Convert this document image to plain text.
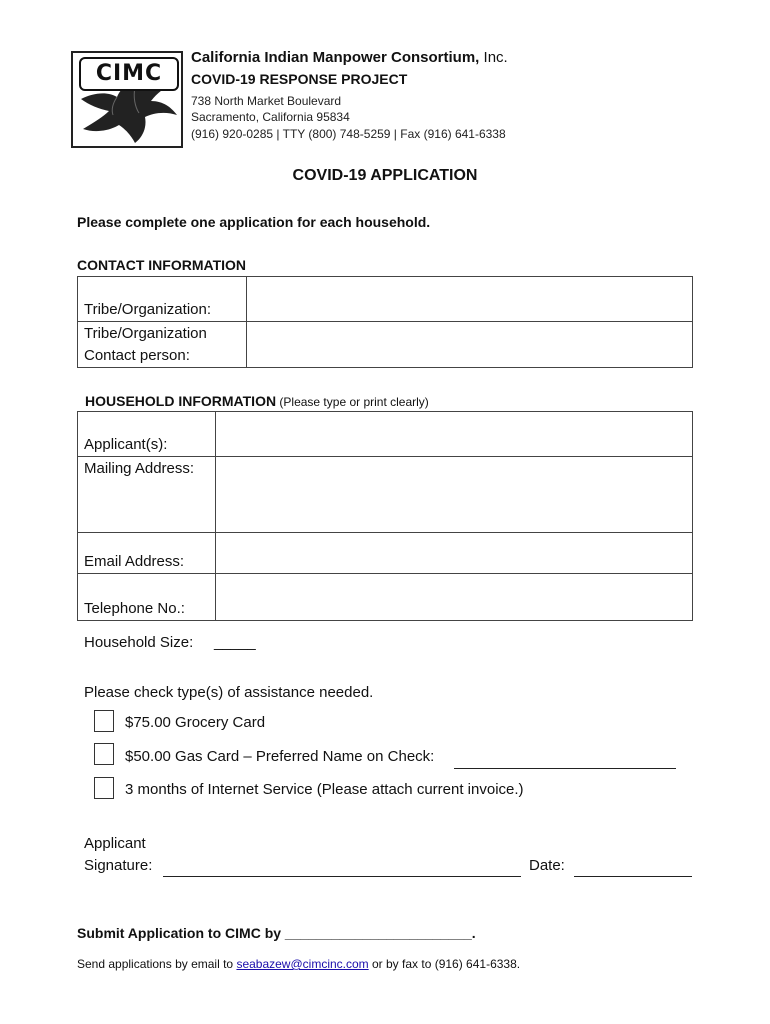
CIMC
California Indian Manpower Consortium, Inc.
COVID-19 RESPONSE PROJECT
738 North Market Boulevard
Sacramento, California 95834
(916) 920-0285 | TTY (800) 748-5259 | Fax (916) 641-6338
COVID-19 APPLICATION
Please complete one application for each household.
CONTACT INFORMATION
Tribe/Organization:	

Tribe/Organization
Contact person:	

HOUSEHOLD INFORMATION (Please type or print clearly)
Applicant(s):	
Mailing Address:	
Email Address:	
Telephone No.:	
Household Size: _____
Please check type(s) of assistance needed.
$75.00 Grocery Card
$50.00 Gas Card – Preferred Name on Check:
3 months of Internet Service (Please attach current invoice.)
Applicant
Signature:	Date:
Submit Application to CIMC by ________________________.
Send applications by email to seabazew@cimcinc.com or by fax to (916) 641-6338.
